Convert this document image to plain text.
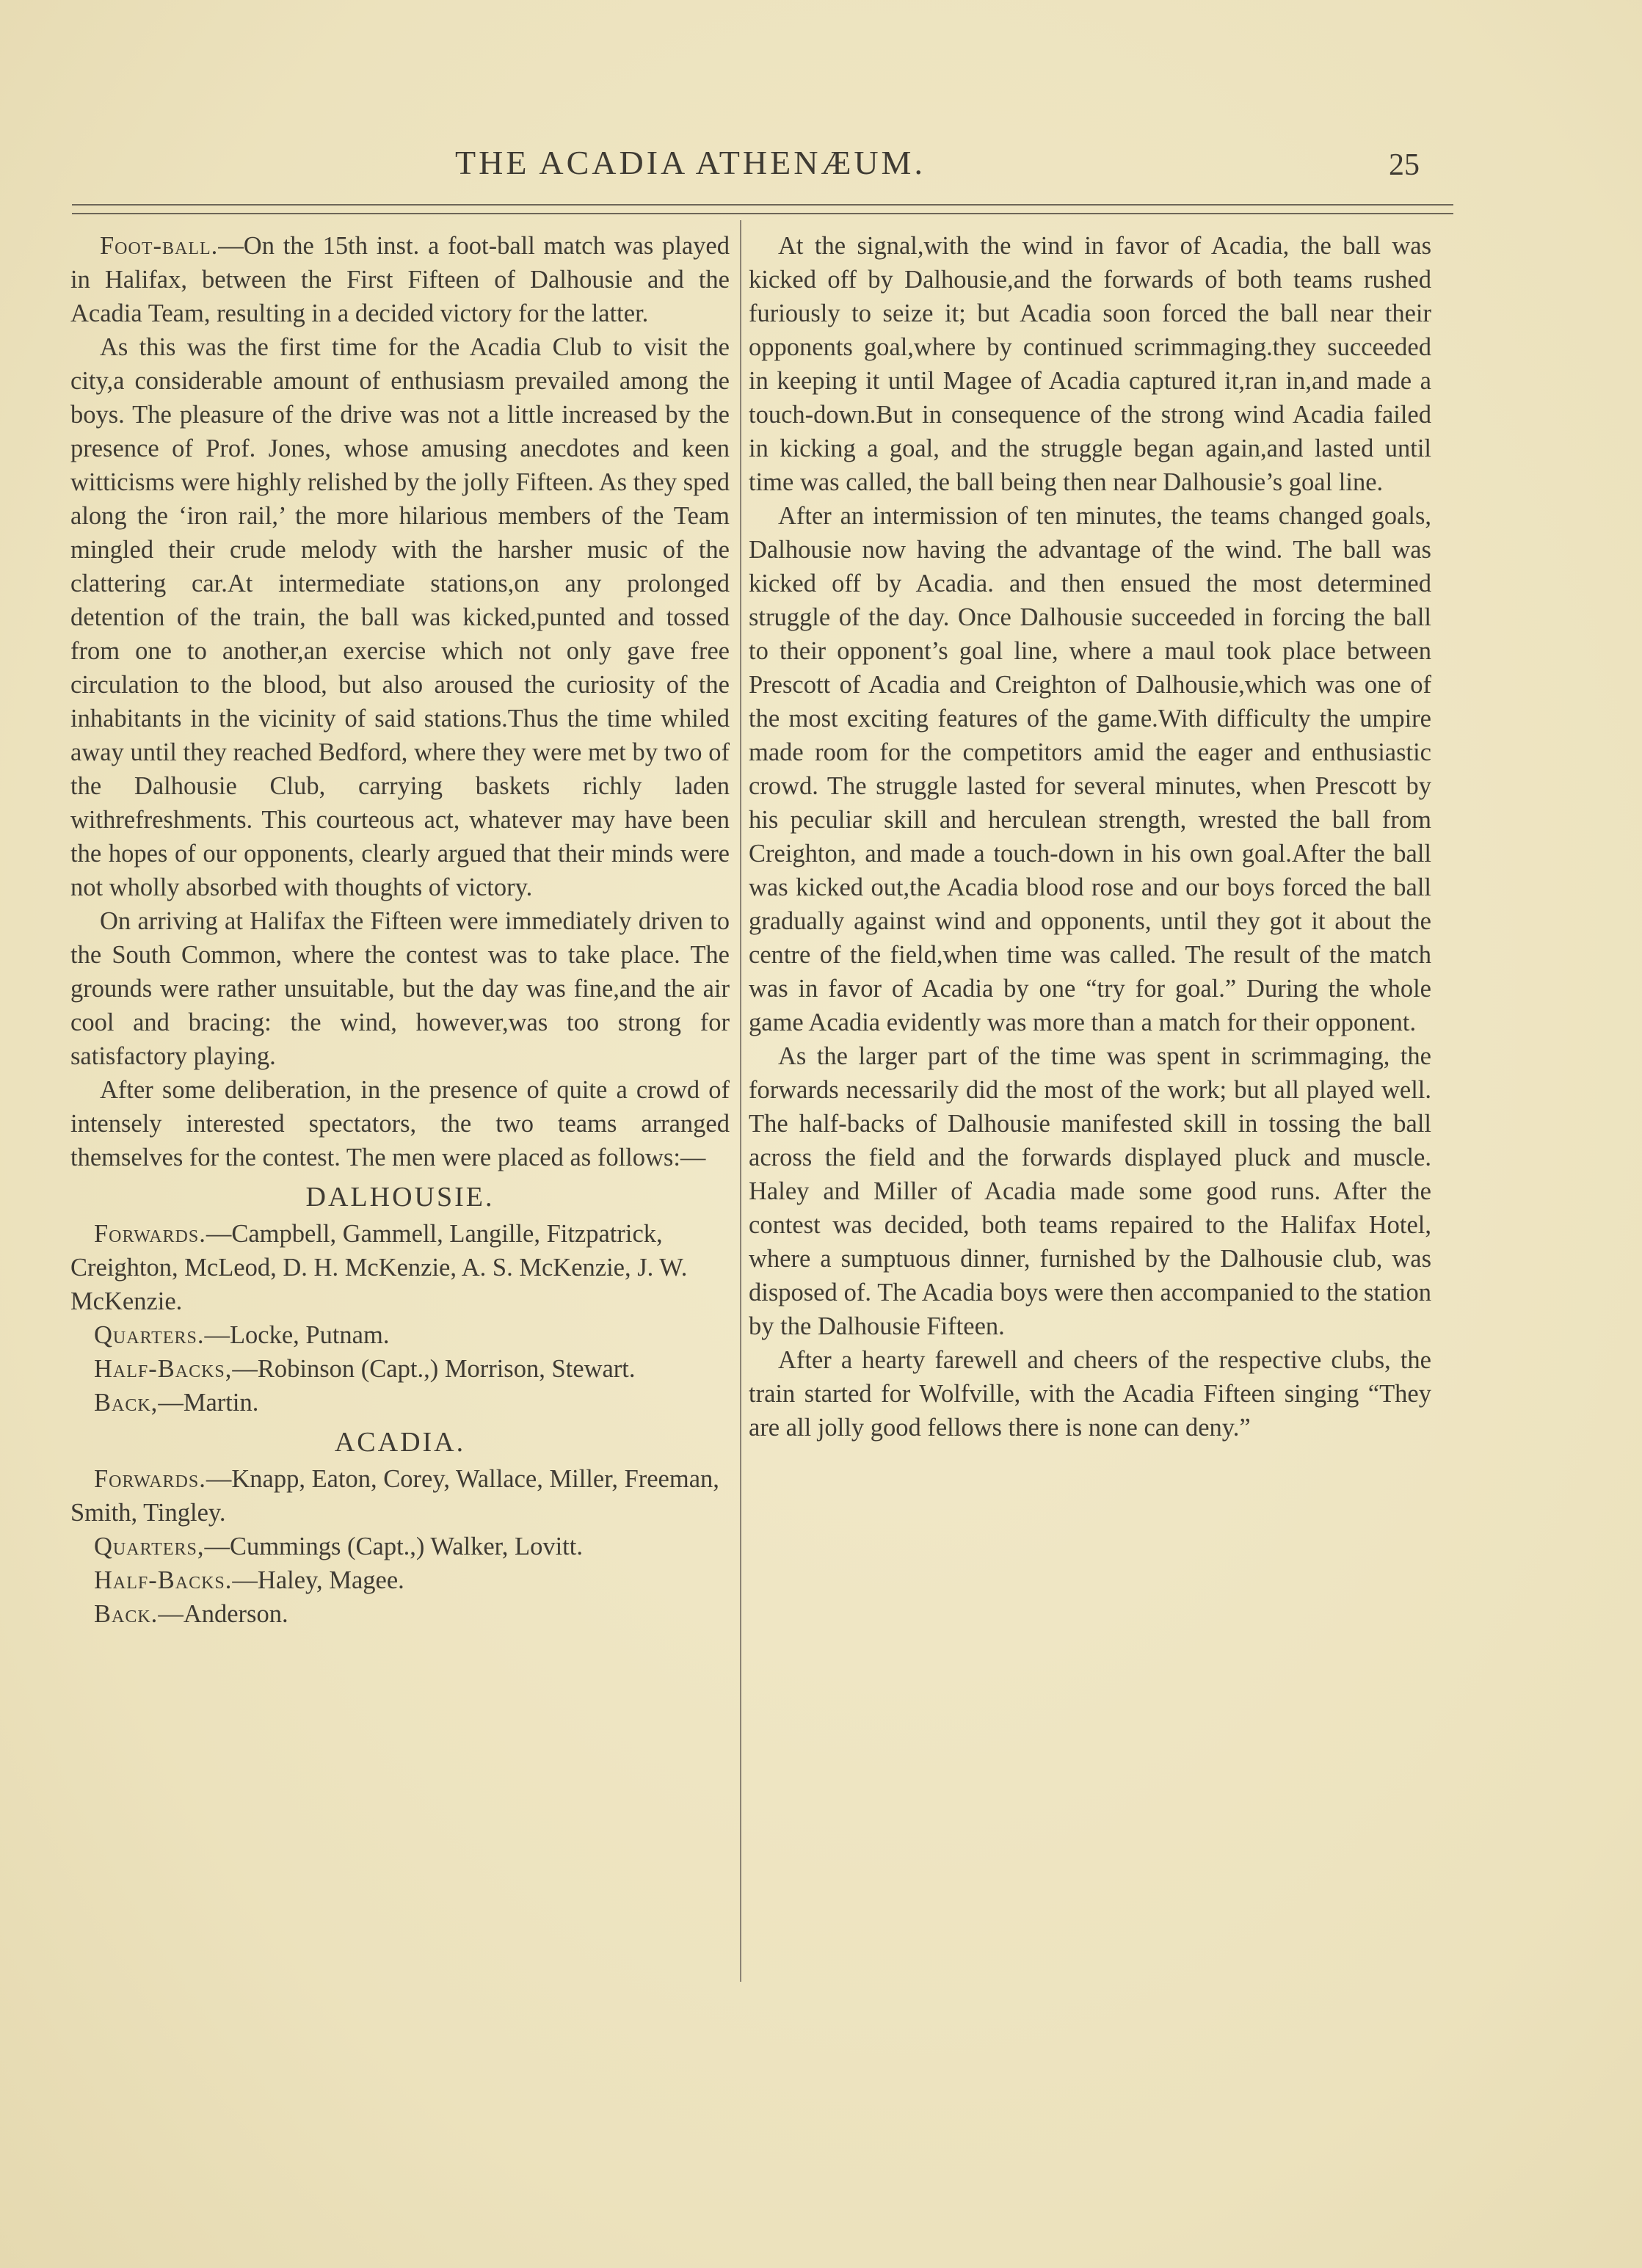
THE ACADIA ATHENÆUM.	25

Foot-ball.—On the 15th inst. a foot-ball match was played in Halifax, between the First Fifteen of Dalhousie and the Acadia Team, resulting in a decided victory for the latter.

As this was the first time for the Acadia Club to visit the city,a considerable amount of enthusiasm prevailed among the boys. The pleasure of the drive was not a little increased by the presence of Prof. Jones, whose amusing anecdotes and keen witticisms were highly relished by the jolly Fifteen. As they sped along the ‘iron rail,’ the more hilarious members of the Team mingled their crude melody with the harsher music of the clattering car.At intermediate stations,on any prolonged detention of the train, the ball was kicked,punted and tossed from one to another,an exercise which not only gave free circulation to the blood, but also aroused the curiosity of the inhabitants in the vicinity of said stations.Thus the time whiled away until they reached Bedford, where they were met by two of the Dalhousie Club, carrying baskets richly laden withrefreshments. This courteous act, whatever may have been the hopes of our opponents, clearly argued that their minds were not wholly absorbed with thoughts of victory.

On arriving at Halifax the Fifteen were immediately driven to the South Common, where the contest was to take place. The grounds were rather unsuitable, but the day was fine,and the air cool and bracing: the wind, however,was too strong for satisfactory playing.

After some deliberation, in the presence of quite a crowd of intensely interested spectators, the two teams arranged themselves for the contest. The men were placed as follows:—

DALHOUSIE.

Forwards.—Campbell, Gammell, Langille, Fitzpatrick, Creighton, McLeod, D. H. McKenzie, A. S. McKenzie, J. W. McKenzie.

Quarters.—Locke, Putnam.

Half-Backs,—Robinson (Capt.,) Morrison, Stewart.

Back,—Martin.

ACADIA.

Forwards.—Knapp, Eaton, Corey, Wallace, Miller, Freeman, Smith, Tingley.

Quarters,—Cummings (Capt.,) Walker, Lovitt.

Half-Backs.—Haley, Magee.

Back.—Anderson.

At the signal,with the wind in favor of Acadia, the ball was kicked off by Dalhousie,and the forwards of both teams rushed furiously to seize it; but Acadia soon forced the ball near their opponents goal,where by continued scrimmaging.they succeeded in keeping it until Magee of Acadia captured it,ran in,and made a touch-down.But in consequence of the strong wind Acadia failed in kicking a goal, and the struggle began again,and lasted until time was called, the ball being then near Dalhousie’s goal line.

After an intermission of ten minutes, the teams changed goals, Dalhousie now having the advantage of the wind. The ball was kicked off by Acadia. and then ensued the most determined struggle of the day. Once Dalhousie succeeded in forcing the ball to their opponent’s goal line, where a maul took place between Prescott of Acadia and Creighton of Dalhousie,which was one of the most exciting features of the game.With difficulty the umpire made room for the competitors amid the eager and enthusiastic crowd. The struggle lasted for several minutes, when Prescott by his peculiar skill and herculean strength, wrested the ball from Creighton, and made a touch-down in his own goal.After the ball was kicked out,the Acadia blood rose and our boys forced the ball gradually against wind and opponents, until they got it about the centre of the field,when time was called. The result of the match was in favor of Acadia by one “try for goal.” During the whole game Acadia evidently was more than a match for their opponent.

As the larger part of the time was spent in scrimmaging, the forwards necessarily did the most of the work; but all played well. The half-backs of Dalhousie manifested skill in tossing the ball across the field and the forwards displayed pluck and muscle. Haley and Miller of Acadia made some good runs. After the contest was decided, both teams repaired to the Halifax Hotel, where a sumptuous dinner, furnished by the Dalhousie club, was disposed of. The Acadia boys were then accompanied to the station by the Dalhousie Fifteen.

After a hearty farewell and cheers of the respective clubs, the train started for Wolfville, with the Acadia Fifteen singing “They are all jolly good fellows there is none can deny.”
